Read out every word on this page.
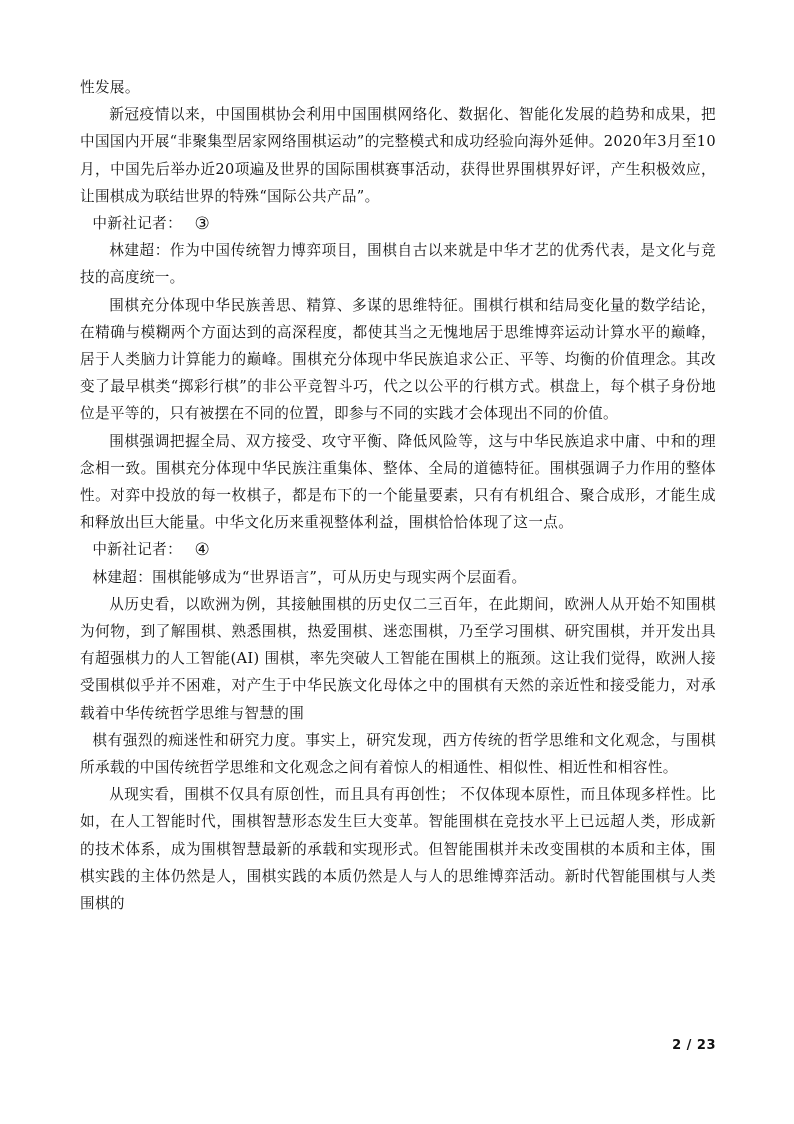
性发展。

新冠疫情以来，中国围棋协会利用中国围棋网络化、数据化、智能化发展的趋势和成果，把中国国内开展“非聚集型居家网络围棋运动”的完整模式和成功经验向海外延伸。2020年3月至10月，中国先后举办近20项遍及世界的国际围棋赛事活动，获得世界围棋界好评，产生积极效应，让围棋成为联结世界的特殊“国际公共产品”。

中新社记者： ③

林建超：作为中国传统智力博弈项目，围棋自古以来就是中华才艺的优秀代表，是文化与竞技的高度统一。

围棋充分体现中华民族善思、精算、多谋的思维特征。围棋行棋和结局变化量的数学结论，在精确与模糊两个方面达到的高深程度，都使其当之无愧地居于思维博弈运动计算水平的巅峰，居于人类脑力计算能力的巅峰。围棋充分体现中华民族追求公正、平等、均衡的价值理念。其改变了最早棋类“掷彩行棋”的非公平竞智斗巧，代之以公平的行棋方式。棋盘上，每个棋子身份地位是平等的，只有被摆在不同的位置，即参与不同的实践才会体现出不同的价值。

围棋强调把握全局、双方接受、攻守平衡、降低风险等，这与中华民族追求中庸、中和的理念相一致。围棋充分体现中华民族注重集体、整体、全局的道德特征。围棋强调子力作用的整体性。对弈中投放的每一枚棋子，都是布下的一个能量要素，只有有机组合、聚合成形，才能生成和释放出巨大能量。中华文化历来重视整体利益，围棋恰恰体现了这一点。

中新社记者： ④

林建超：围棋能够成为“世界语言”，可从历史与现实两个层面看。

从历史看，以欧洲为例，其接触围棋的历史仅二三百年，在此期间，欧洲人从开始不知围棋为何物，到了解围棋、熟悉围棋，热爱围棋、迷恋围棋，乃至学习围棋、研究围棋，并开发出具有超强棋力的人工智能(AI) 围棋，率先突破人工智能在围棋上的瓶颈。这让我们觉得，欧洲人接受围棋似乎并不困难，对产生于中华民族文化母体之中的围棋有天然的亲近性和接受能力，对承载着中华传统哲学思维与智慧的围

棋有强烈的痴迷性和研究力度。事实上，研究发现，西方传统的哲学思维和文化观念，与围棋所承载的中国传统哲学思维和文化观念之间有着惊人的相通性、相似性、相近性和相容性。

从现实看，围棋不仅具有原创性，而且具有再创性； 不仅体现本原性，而且体现多样性。比如，在人工智能时代，围棋智慧形态发生巨大变革。智能围棋在竞技水平上已远超人类，形成新的技术体系，成为围棋智慧最新的承载和实现形式。但智能围棋并未改变围棋的本质和主体，围棋实践的主体仍然是人，围棋实践的本质仍然是人与人的思维博弈活动。新时代智能围棋与人类围棋的

2 / 23
